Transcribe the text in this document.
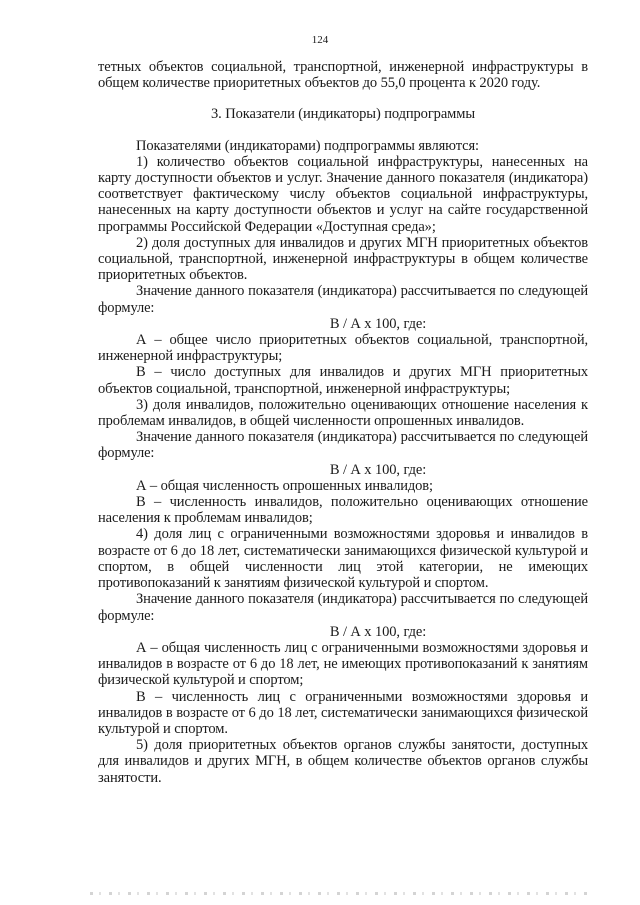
124

тетных объектов социальной, транспортной, инженерной инфраструктуры в общем количестве приоритетных объектов до 55,0 процента к 2020 году.

3. Показатели (индикаторы) подпрограммы

Показателями (индикаторами) подпрограммы являются:

1) количество объектов социальной инфраструктуры, нанесенных на карту доступности объектов и услуг. Значение данного показателя (индикатора) соответствует фактическому числу объектов социальной инфраструктуры, нанесенных на карту доступности объектов и услуг на сайте государственной программы Российской Федерации «Доступная среда»;

2) доля доступных для инвалидов и других МГН приоритетных объектов социальной, транспортной, инженерной инфраструктуры в общем количестве приоритетных объектов.

Значение данного показателя (индикатора) рассчитывается по следующей формуле:

В / А x 100, где:

А – общее число приоритетных объектов социальной, транспортной, инженерной инфраструктуры;

В – число доступных для инвалидов и других МГН приоритетных объектов социальной, транспортной, инженерной инфраструктуры;

3) доля инвалидов, положительно оценивающих отношение населения к проблемам инвалидов, в общей численности опрошенных инвалидов.

Значение данного показателя (индикатора) рассчитывается по следующей формуле:

В / А x 100, где:

А – общая численность опрошенных инвалидов;

В – численность инвалидов, положительно оценивающих отношение населения к проблемам инвалидов;

4) доля лиц с ограниченными возможностями здоровья и инвалидов в возрасте от 6 до 18 лет, систематически занимающихся физической культурой и спортом, в общей численности лиц этой категории, не имеющих противопоказаний к занятиям физической культурой и спортом.

Значение данного показателя (индикатора) рассчитывается по следующей формуле:

В / А x 100, где:

А – общая численность лиц с ограниченными возможностями здоровья и инвалидов в возрасте от 6 до 18 лет, не имеющих противопоказаний к занятиям физической культурой и спортом;

В – численность лиц с ограниченными возможностями здоровья и инвалидов в возрасте от 6 до 18 лет, систематически занимающихся физической культурой и спортом.

5) доля приоритетных объектов органов службы занятости, доступных для инвалидов и других МГН, в общем количестве объектов органов службы занятости.
